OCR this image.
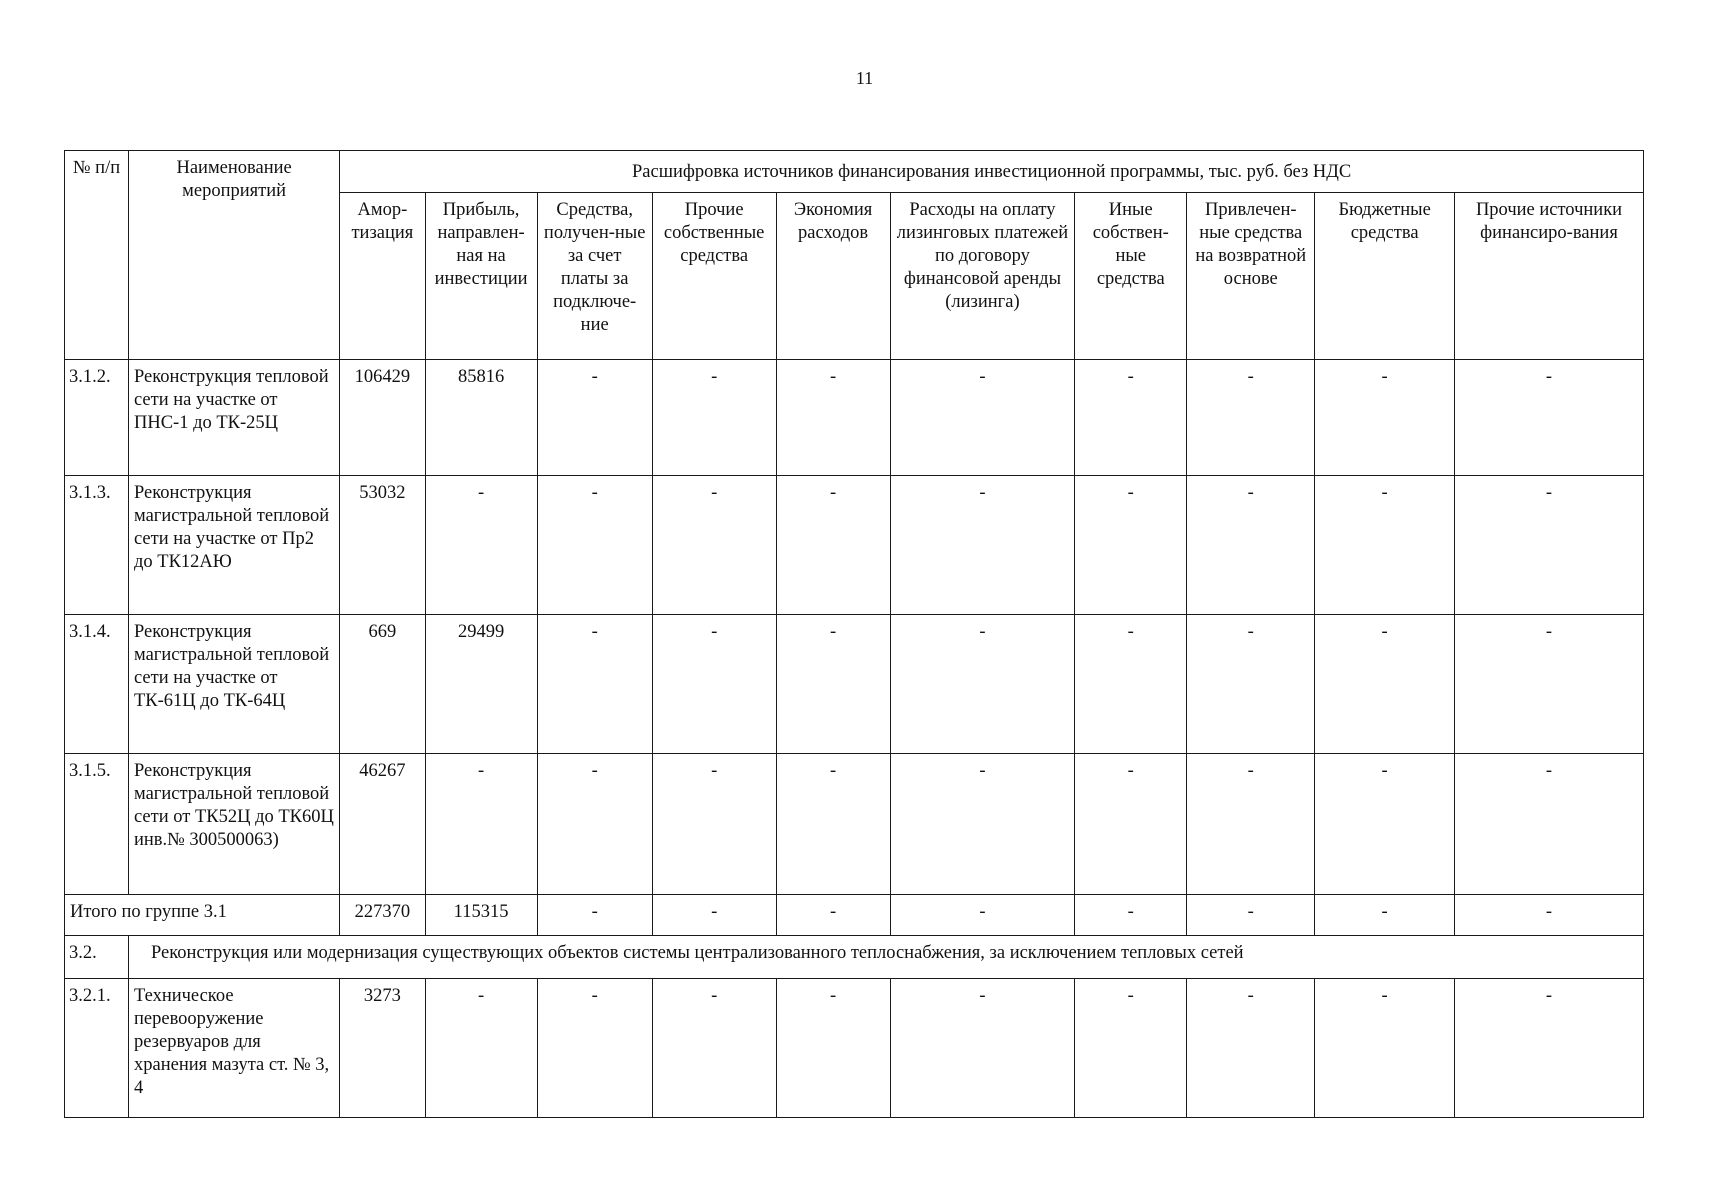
11
№ п/п	Наименование мероприятий	Расшифровка источников финансирования инвестиционной программы, тыс. руб. без НДС									
		Амор-тизация	Прибыль, направлен-ная на инвестиции	Средства, получен-ные за счет платы за подключе-ние	Прочие собственные средства	Экономия расходов	Расходы на оплату лизинговых платежей по договору финансовой аренды (лизинга)	Иные собствен-ные средства	Привлечен-ные средства на возвратной основе	Бюджетные средства	Прочие источники финансиро-вания
3.1.2.	Реконструкция тепловой сети на участке от ПНС-1 до ТК-25Ц	106429	85816	-	-	-	-	-	-	-	-
3.1.3.	Реконструкция магистральной тепловой сети на участке от Пр2 до ТК12АЮ	53032	-	-	-	-	-	-	-	-	-
3.1.4.	Реконструкция магистральной тепловой сети на участке от ТК-61Ц до ТК-64Ц	669	29499	-	-	-	-	-	-	-	-
3.1.5.	Реконструкция магистральной тепловой сети от ТК52Ц до ТК60Ц инв.№ 300500063)	46267	-	-	-	-	-	-	-	-	-
Итого по группе 3.1		227370	115315	-	-	-	-	-	-	-	-
3.2.	Реконструкция или модернизация существующих объектов системы централизованного теплоснабжения, за исключением тепловых сетей										
3.2.1.	Техническое перевооружение резервуаров для хранения мазута ст. № 3, 4	3273	-	-	-	-	-	-	-	-	-
